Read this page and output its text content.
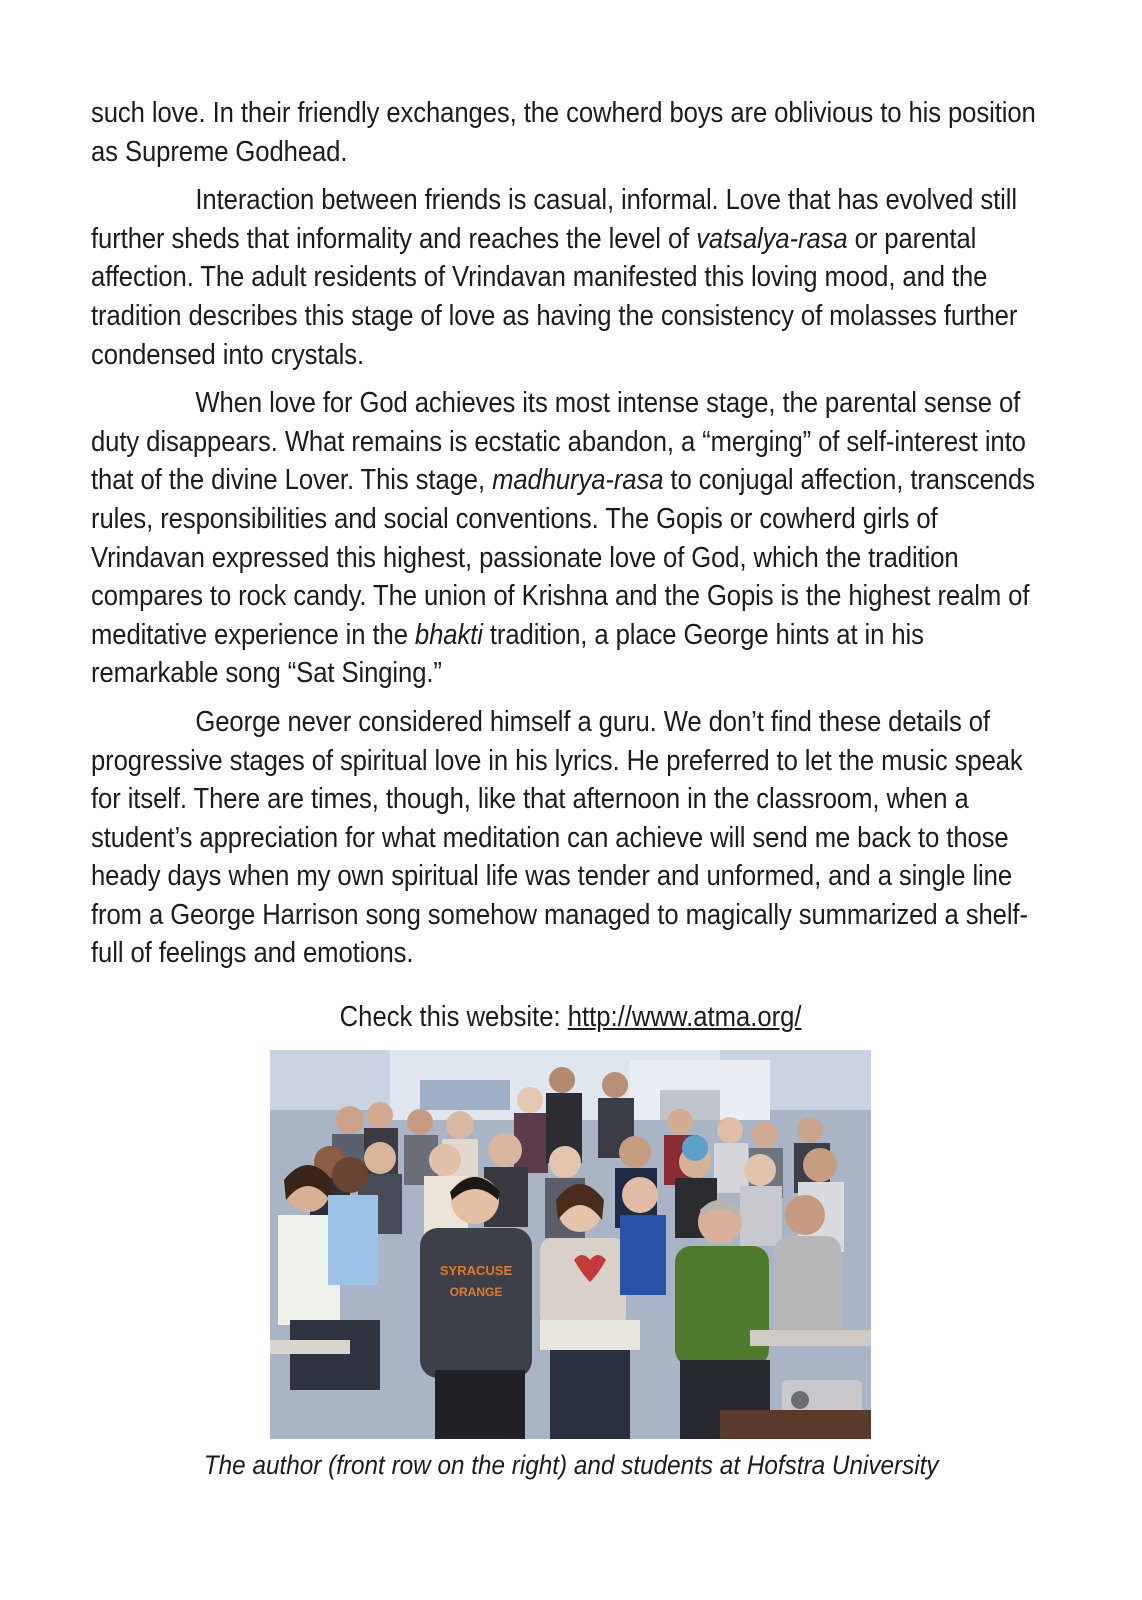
such love. In their friendly exchanges, the cowherd boys are oblivious to his position as Supreme Godhead.

Interaction between friends is casual, informal. Love that has evolved still further sheds that informality and reaches the level of vatsalya-rasa or parental affection. The adult residents of Vrindavan manifested this loving mood, and the tradition describes this stage of love as having the consistency of molasses further condensed into crystals.

When love for God achieves its most intense stage, the parental sense of duty disappears. What remains is ecstatic abandon, a “merging” of self-interest into that of the divine Lover. This stage, madhurya-rasa to conjugal affection, transcends rules, responsibilities and social conventions. The Gopis or cowherd girls of Vrindavan expressed this highest, passionate love of God, which the tradition compares to rock candy. The union of Krishna and the Gopis is the highest realm of meditative experience in the bhakti tradition, a place George hints at in his remarkable song “Sat Singing.”

George never considered himself a guru. We don’t find these details of progressive stages of spiritual love in his lyrics. He preferred to let the music speak for itself. There are times, though, like that afternoon in the classroom, when a student’s appreciation for what meditation can achieve will send me back to those heady days when my own spiritual life was tender and unformed, and a single line from a George Harrison song somehow managed to magically summarized a shelf-full of feelings and emotions.

Check this website: http://www.atma.org/
SYRACUSE
ORANGE
The author (front row on the right) and students at Hofstra University
